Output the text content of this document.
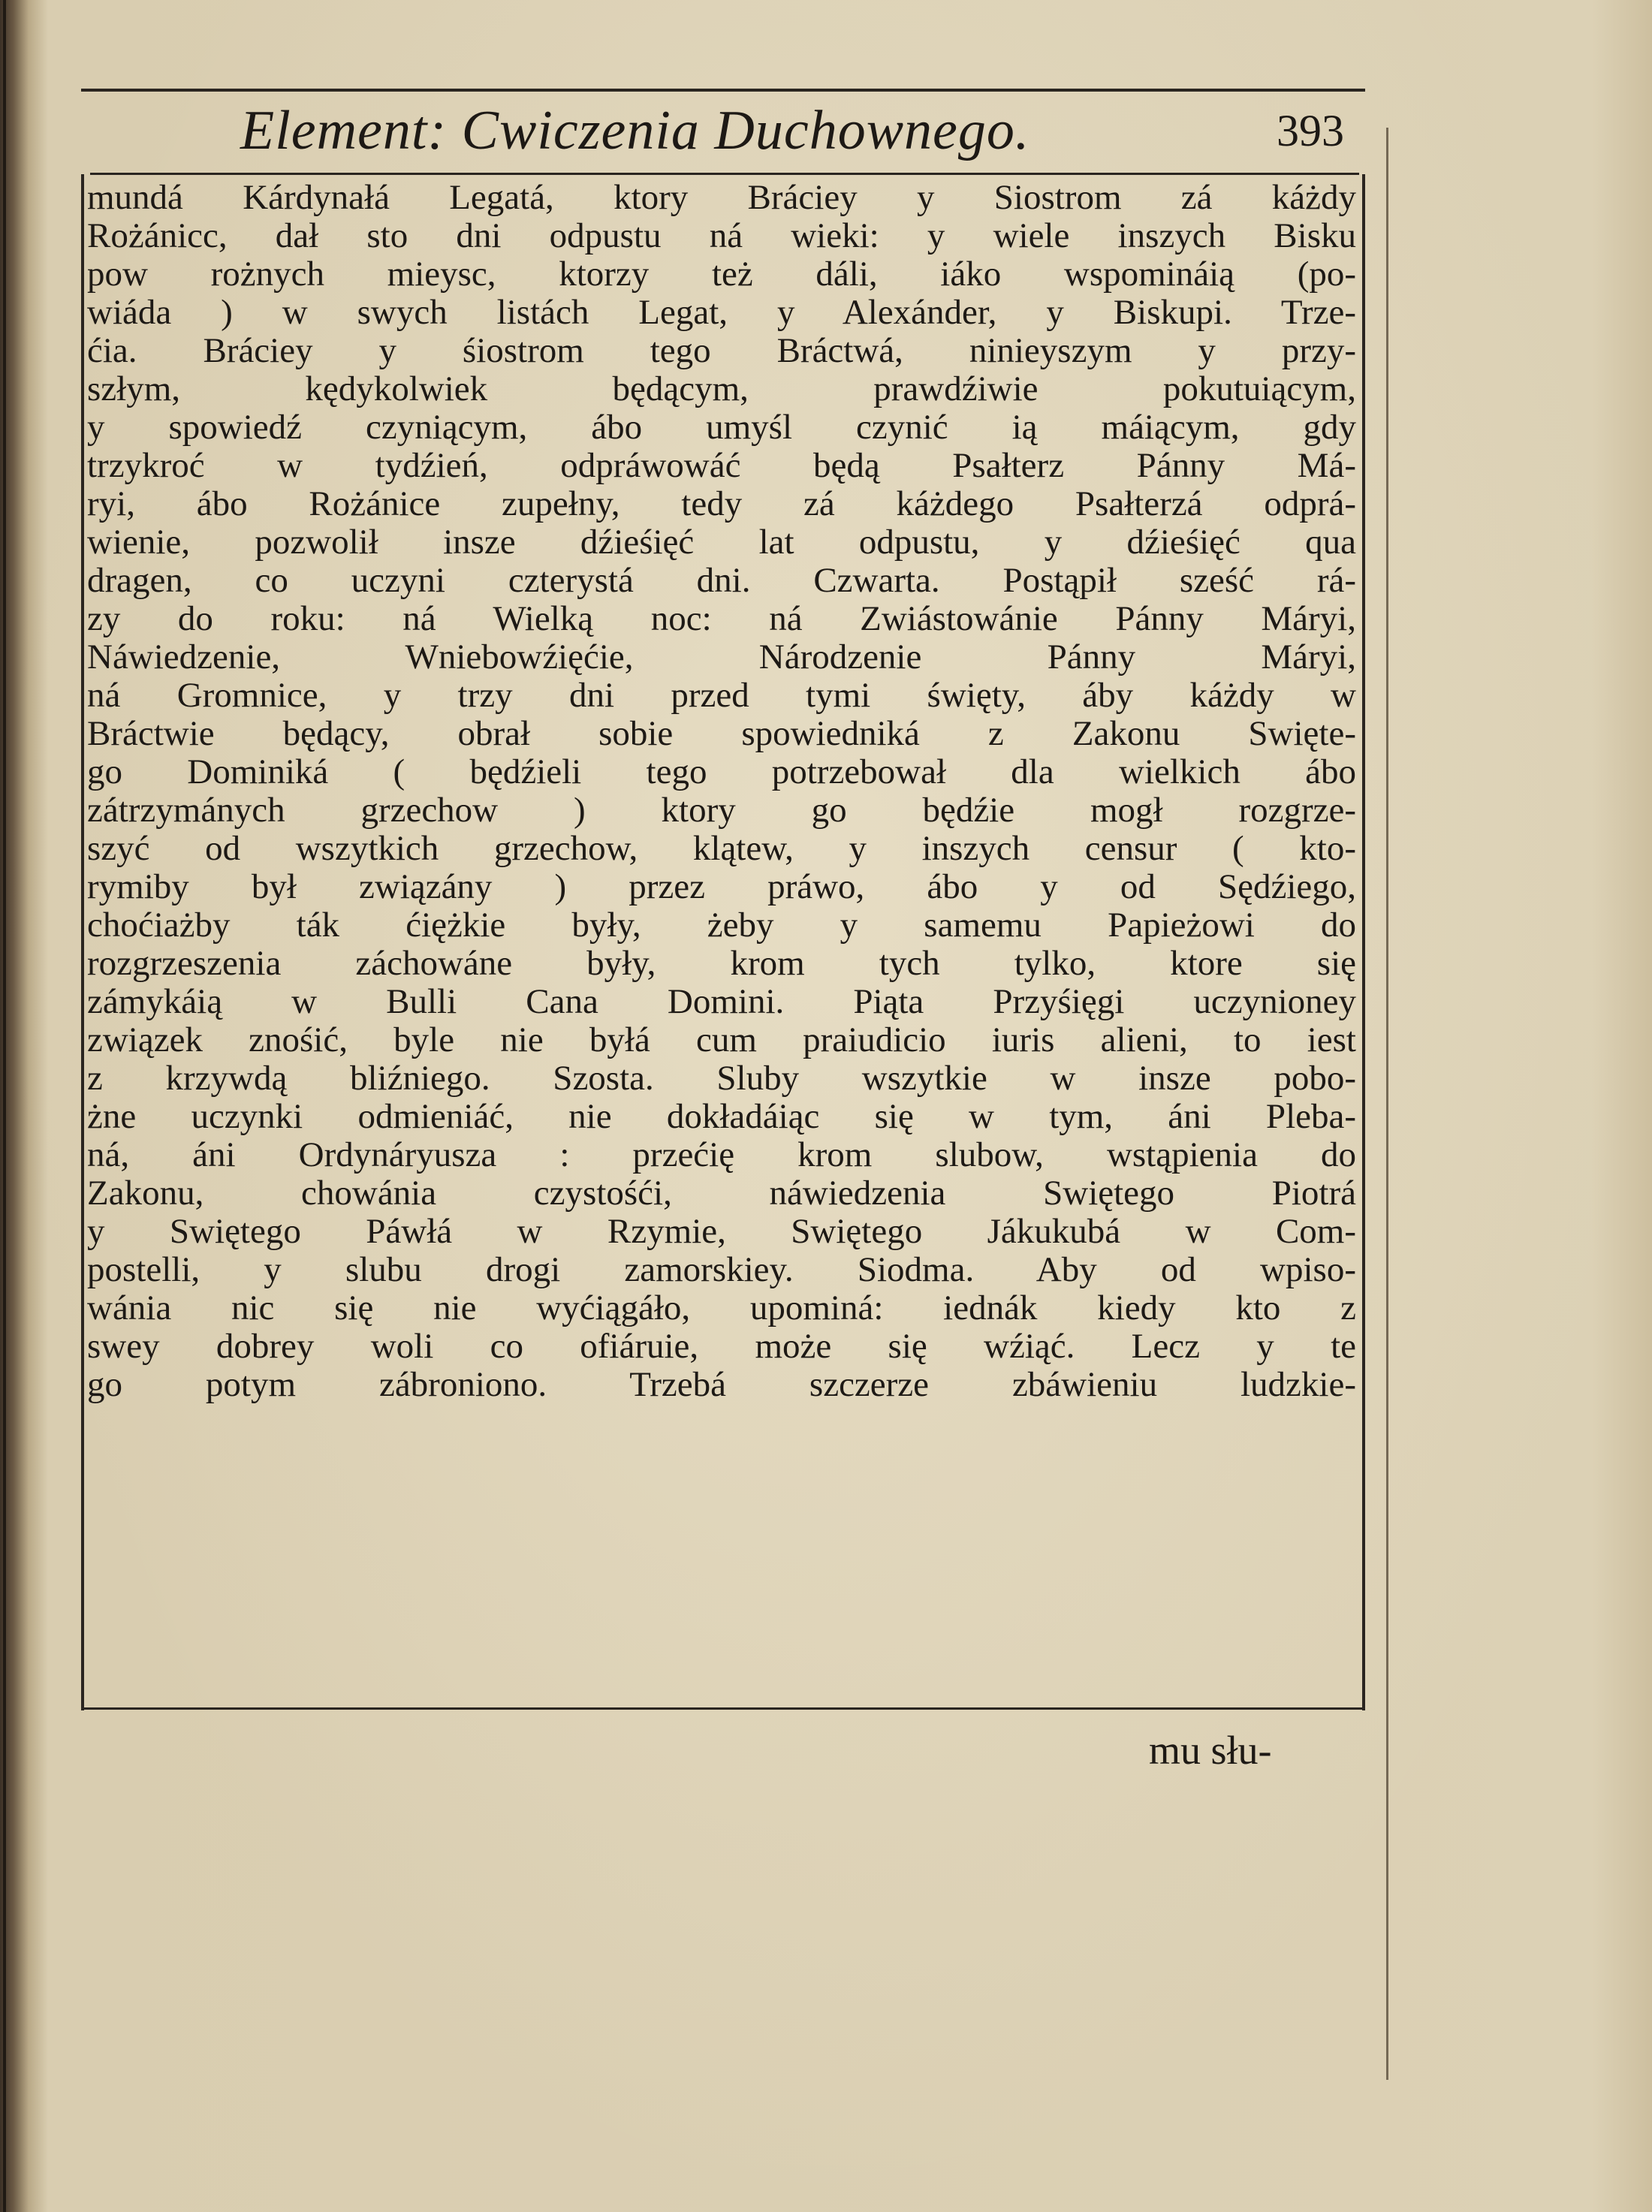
Element: Cwiczenia Duchownego.	393
mundá Kárdynałá Legatá, ktory Bráciey y Siostrom zá káżdy
Rożánicc, dał sto dni odpustu ná wieki: y wiele inszych Bisku
pow rożnych mieysc, ktorzy też dáli, iáko wspomináią (po-
wiáda ) w swych listách Legat, y Alexánder, y Biskupi. Trze-
ćia. Bráciey y śiostrom tego Bráctwá, ninieyszym y przy-
szłym, kędykolwiek będącym, prawdźiwie pokutuiącym,
y spowiedź czyniącym, ábo umyśl czynić ią máiącym, gdy
trzykroć w tydźień, odpráwowáć będą Psałterz Pánny Má-
ryi, ábo Rożánice zupełny, tedy zá káżdego Psałterzá odprá-
wienie, pozwolił insze dźieśięć lat odpustu, y dźieśięć qua
dragen, co uczyni czterystá dni. Czwarta. Postąpił sześć rá-
zy do roku: ná Wielką noc: ná Zwiástowánie Pánny Máryi,
Náwiedzenie, Wniebowźięćie, Národzenie Pánny Máryi,
ná Gromnice, y trzy dni przed tymi święty, áby káżdy w
Bráctwie będący, obrał sobie spowiedniká z Zakonu Swięte-
go Dominiká ( będźieli tego potrzebował dla wielkich ábo
zátrzymánych grzechow ) ktory go będźie mogł rozgrze-
szyć od wszytkich grzechow, klątew, y inszych censur ( kto-
rymiby był związány ) przez práwo, ábo y od Sędźiego,
choćiażby ták ćiężkie były, żeby y samemu Papieżowi do
rozgrzeszenia záchowáne były, krom tych tylko, ktore się
zámykáią w Bulli Cana Domini. Piąta Przyśięgi uczynioney
związek znośić, byle nie byłá cum praiudicio iuris alieni, to iest
z krzywdą bliźniego. Szosta. Sluby wszytkie w insze pobo-
żne uczynki odmieniáć, nie dokładáiąc się w tym, áni Pleba-
ná, áni Ordynáryusza : przećię krom slubow, wstąpienia do
Zakonu, chowánia czystośći, náwiedzenia Swiętego Piotrá
y Swiętego Páwłá w Rzymie, Swiętego Jákukubá w Com-
postelli, y slubu drogi zamorskiey. Siodma. Aby od wpiso-
wánia nic się nie wyćiągáło, upominá: iednák kiedy kto z
swey dobrey woli co ofiáruie, może się wźiąć. Lecz y te
go potym zábroniono. Trzebá szczerze zbáwieniu ludzkie-
mu słu-
